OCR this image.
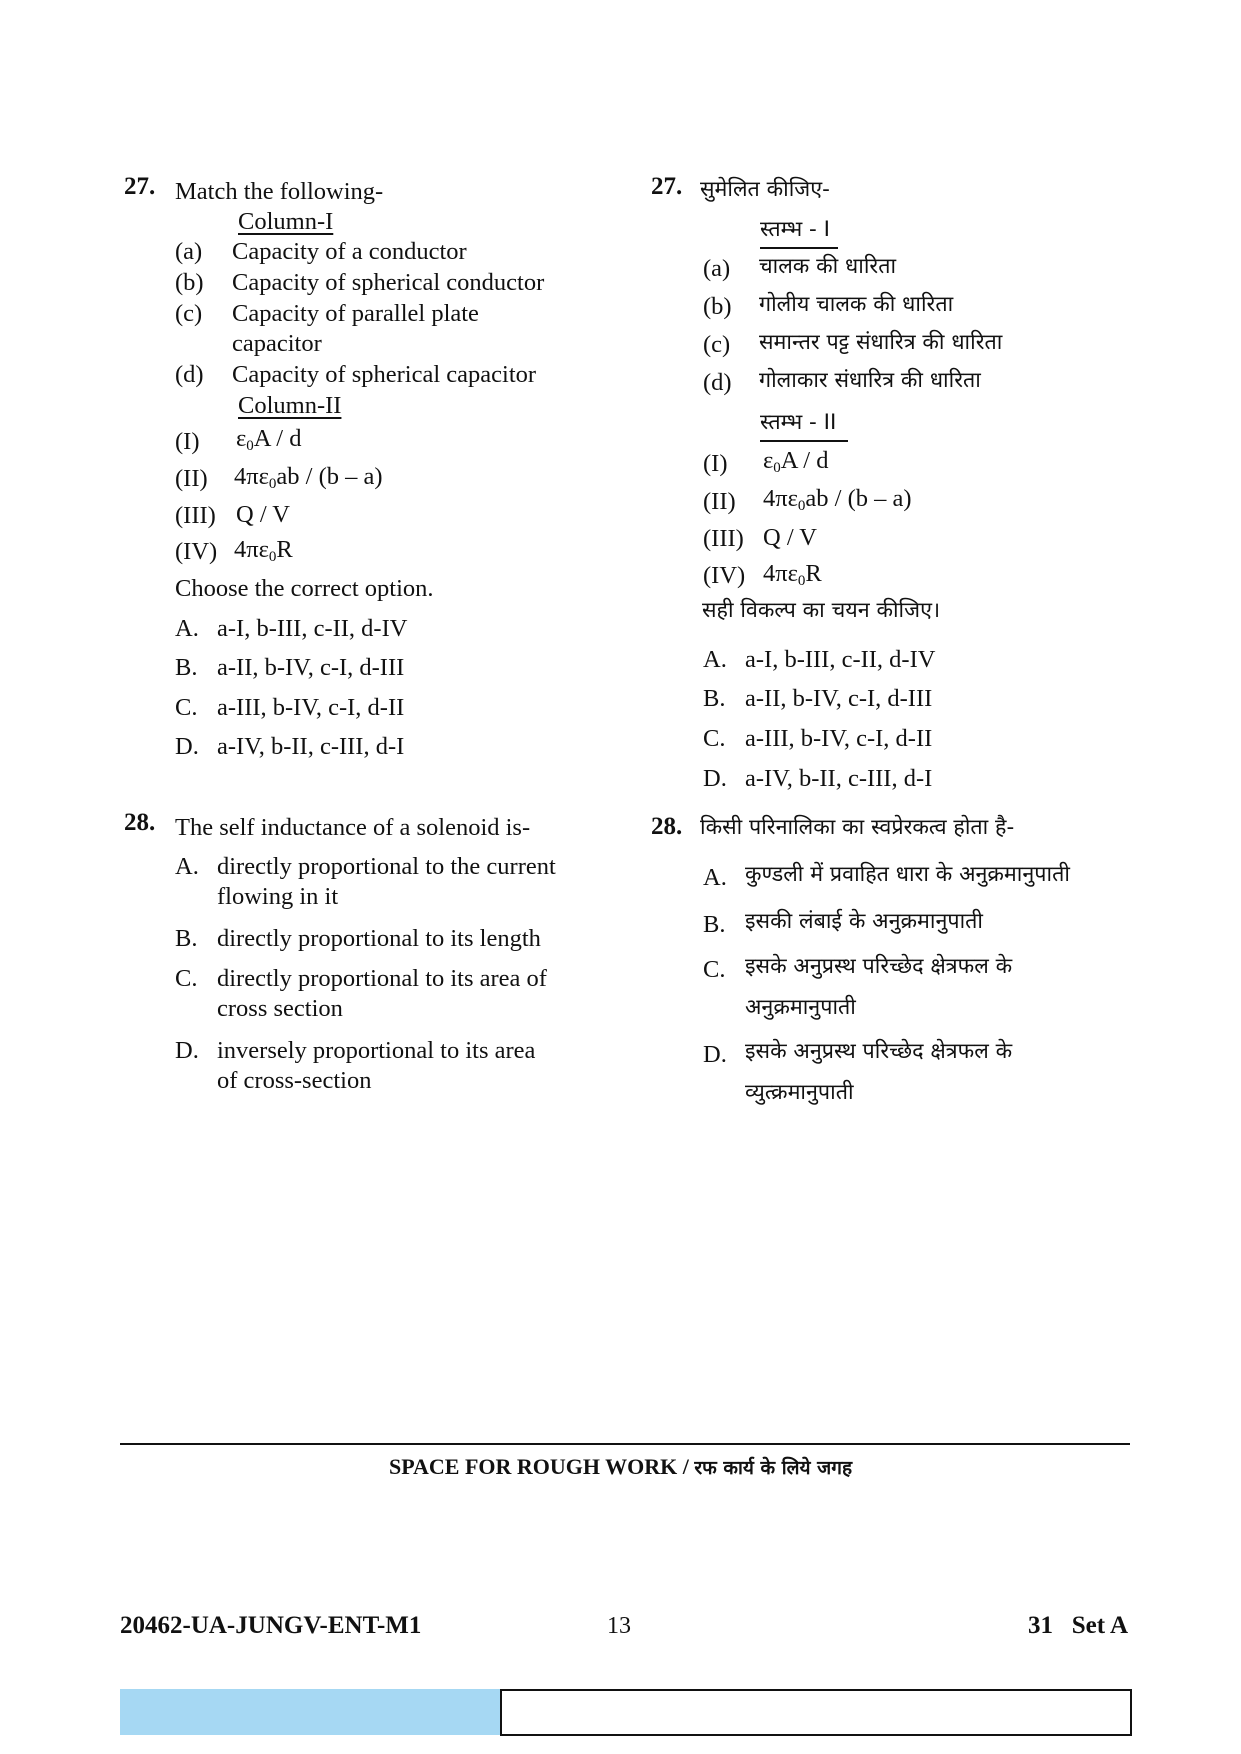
27. Match the following-
Column-I
(a) Capacity of a conductor
(b) Capacity of spherical conductor
(c) Capacity of parallel plate
capacitor
(d) Capacity of spherical capacitor
Column-II
(I) $\varepsilon_0A$ / d
(II) $4\pi\varepsilon_0ab / (b - a)$
(III) Q / V
(IV) $4\pi\varepsilon_0R$
Choose the correct option.
A. a-I, b-III, c-II, d-IV
B. a-II, b-IV, c-I, d-III
C. a-III, b-IV, c-I, d-II
D. a-IV, b-II, c-III, d-I
28. The self inductance of a solenoid is-
A. directly proportional to the current
flowing in it
B. directly proportional to its length
C. directly proportional to its area of
cross section
D. inversely proportional to its area
of cross-section
27. सुमेलित कीजिए-
स्तम्भ - I
(a) चालक की धारिता
(b) गोलीय चालक की धारिता
(c) समान्तर पट्ट संधारित्र की धारिता
(d) गोलाकार संधारित्र की धारिता
स्तम्भ - II
(I) $\varepsilon_0A$ / d
(II) $4\pi\varepsilon_0ab / (b - a)$
(III) Q / V
(IV) $4\pi\varepsilon_0R$
सही विकल्प का चयन कीजिए।
A. a-I, b-III, c-II, d-IV
B. a-II, b-IV, c-I, d-III
C. a-III, b-IV, c-I, d-II
D. a-IV, b-II, c-III, d-I
28. किसी परिनालिका का स्वप्रेरकत्व होता है-
A. कुण्डली में प्रवाहित धारा के अनुक्रमानुपाती
B. इसकी लंबाई के अनुक्रमानुपाती
C. इसके अनुप्रस्थ परिच्छेद क्षेत्रफल के
अनुक्रमानुपाती
D. इसके अनुप्रस्थ परिच्छेद क्षेत्रफल के
व्युत्क्रमानुपाती
SPACE FOR ROUGH WORK / रफ कार्य के लिये जगह
20462-UA-JUNGV-ENT-M1	13	31   Set A
